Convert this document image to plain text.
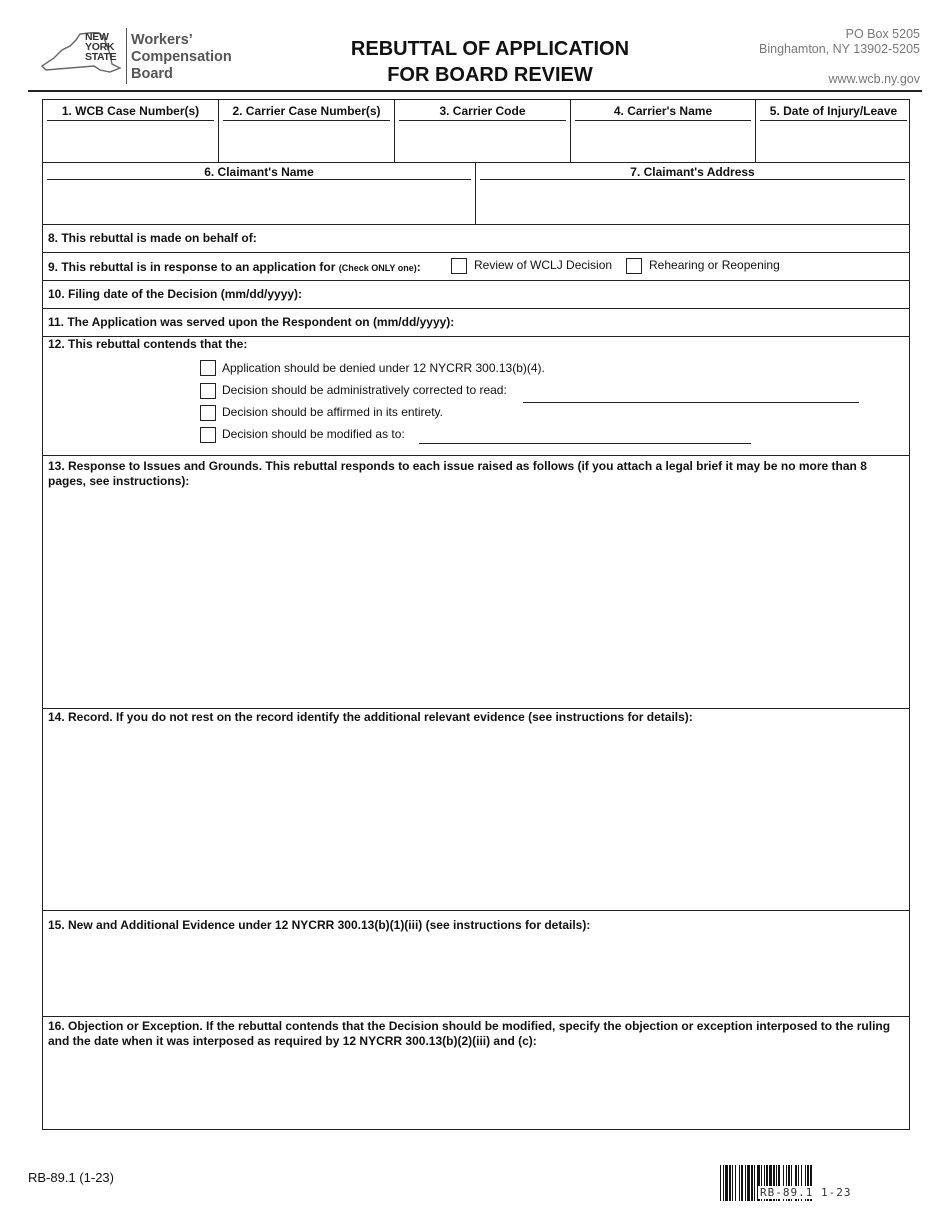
NEW
YORK
STATE
Workers’
Compensation
Board
REBUTTAL OF APPLICATION
FOR BOARD REVIEW
PO Box 5205
Binghamton, NY 13902-5205
www.wcb.ny.gov
1. WCB Case Number(s)	2. Carrier Case Number(s)	3. Carrier Code	4. Carrier's Name	5. Date of Injury/Leave
6. Claimant's Name	7. Claimant's Address
8. This rebuttal is made on behalf of:
9. This rebuttal is in response to an application for (Check ONLY one):	Review of WCLJ Decision	Rehearing or Reopening
10. Filing date of the Decision (mm/dd/yyyy):
11. The Application was served upon the Respondent on (mm/dd/yyyy):
12. This rebuttal contends that the:
Application should be denied under 12 NYCRR 300.13(b)(4).
Decision should be administratively corrected to read:
Decision should be affirmed in its entirety.
Decision should be modified as to:
13. Response to Issues and Grounds. This rebuttal responds to each issue raised as follows (if you attach a legal brief it may be no more than 8 pages, see instructions):
14. Record. If you do not rest on the record identify the additional relevant evidence (see instructions for details):
15. New and Additional Evidence under 12 NYCRR 300.13(b)(1)(iii) (see instructions for details):
16. Objection or Exception. If the rebuttal contends that the Decision should be modified, specify the objection or exception interposed to the ruling and the date when it was interposed as required by 12 NYCRR 300.13(b)(2)(iii) and (c):
RB-89.1 (1-23)
RB-89.1 1-23
